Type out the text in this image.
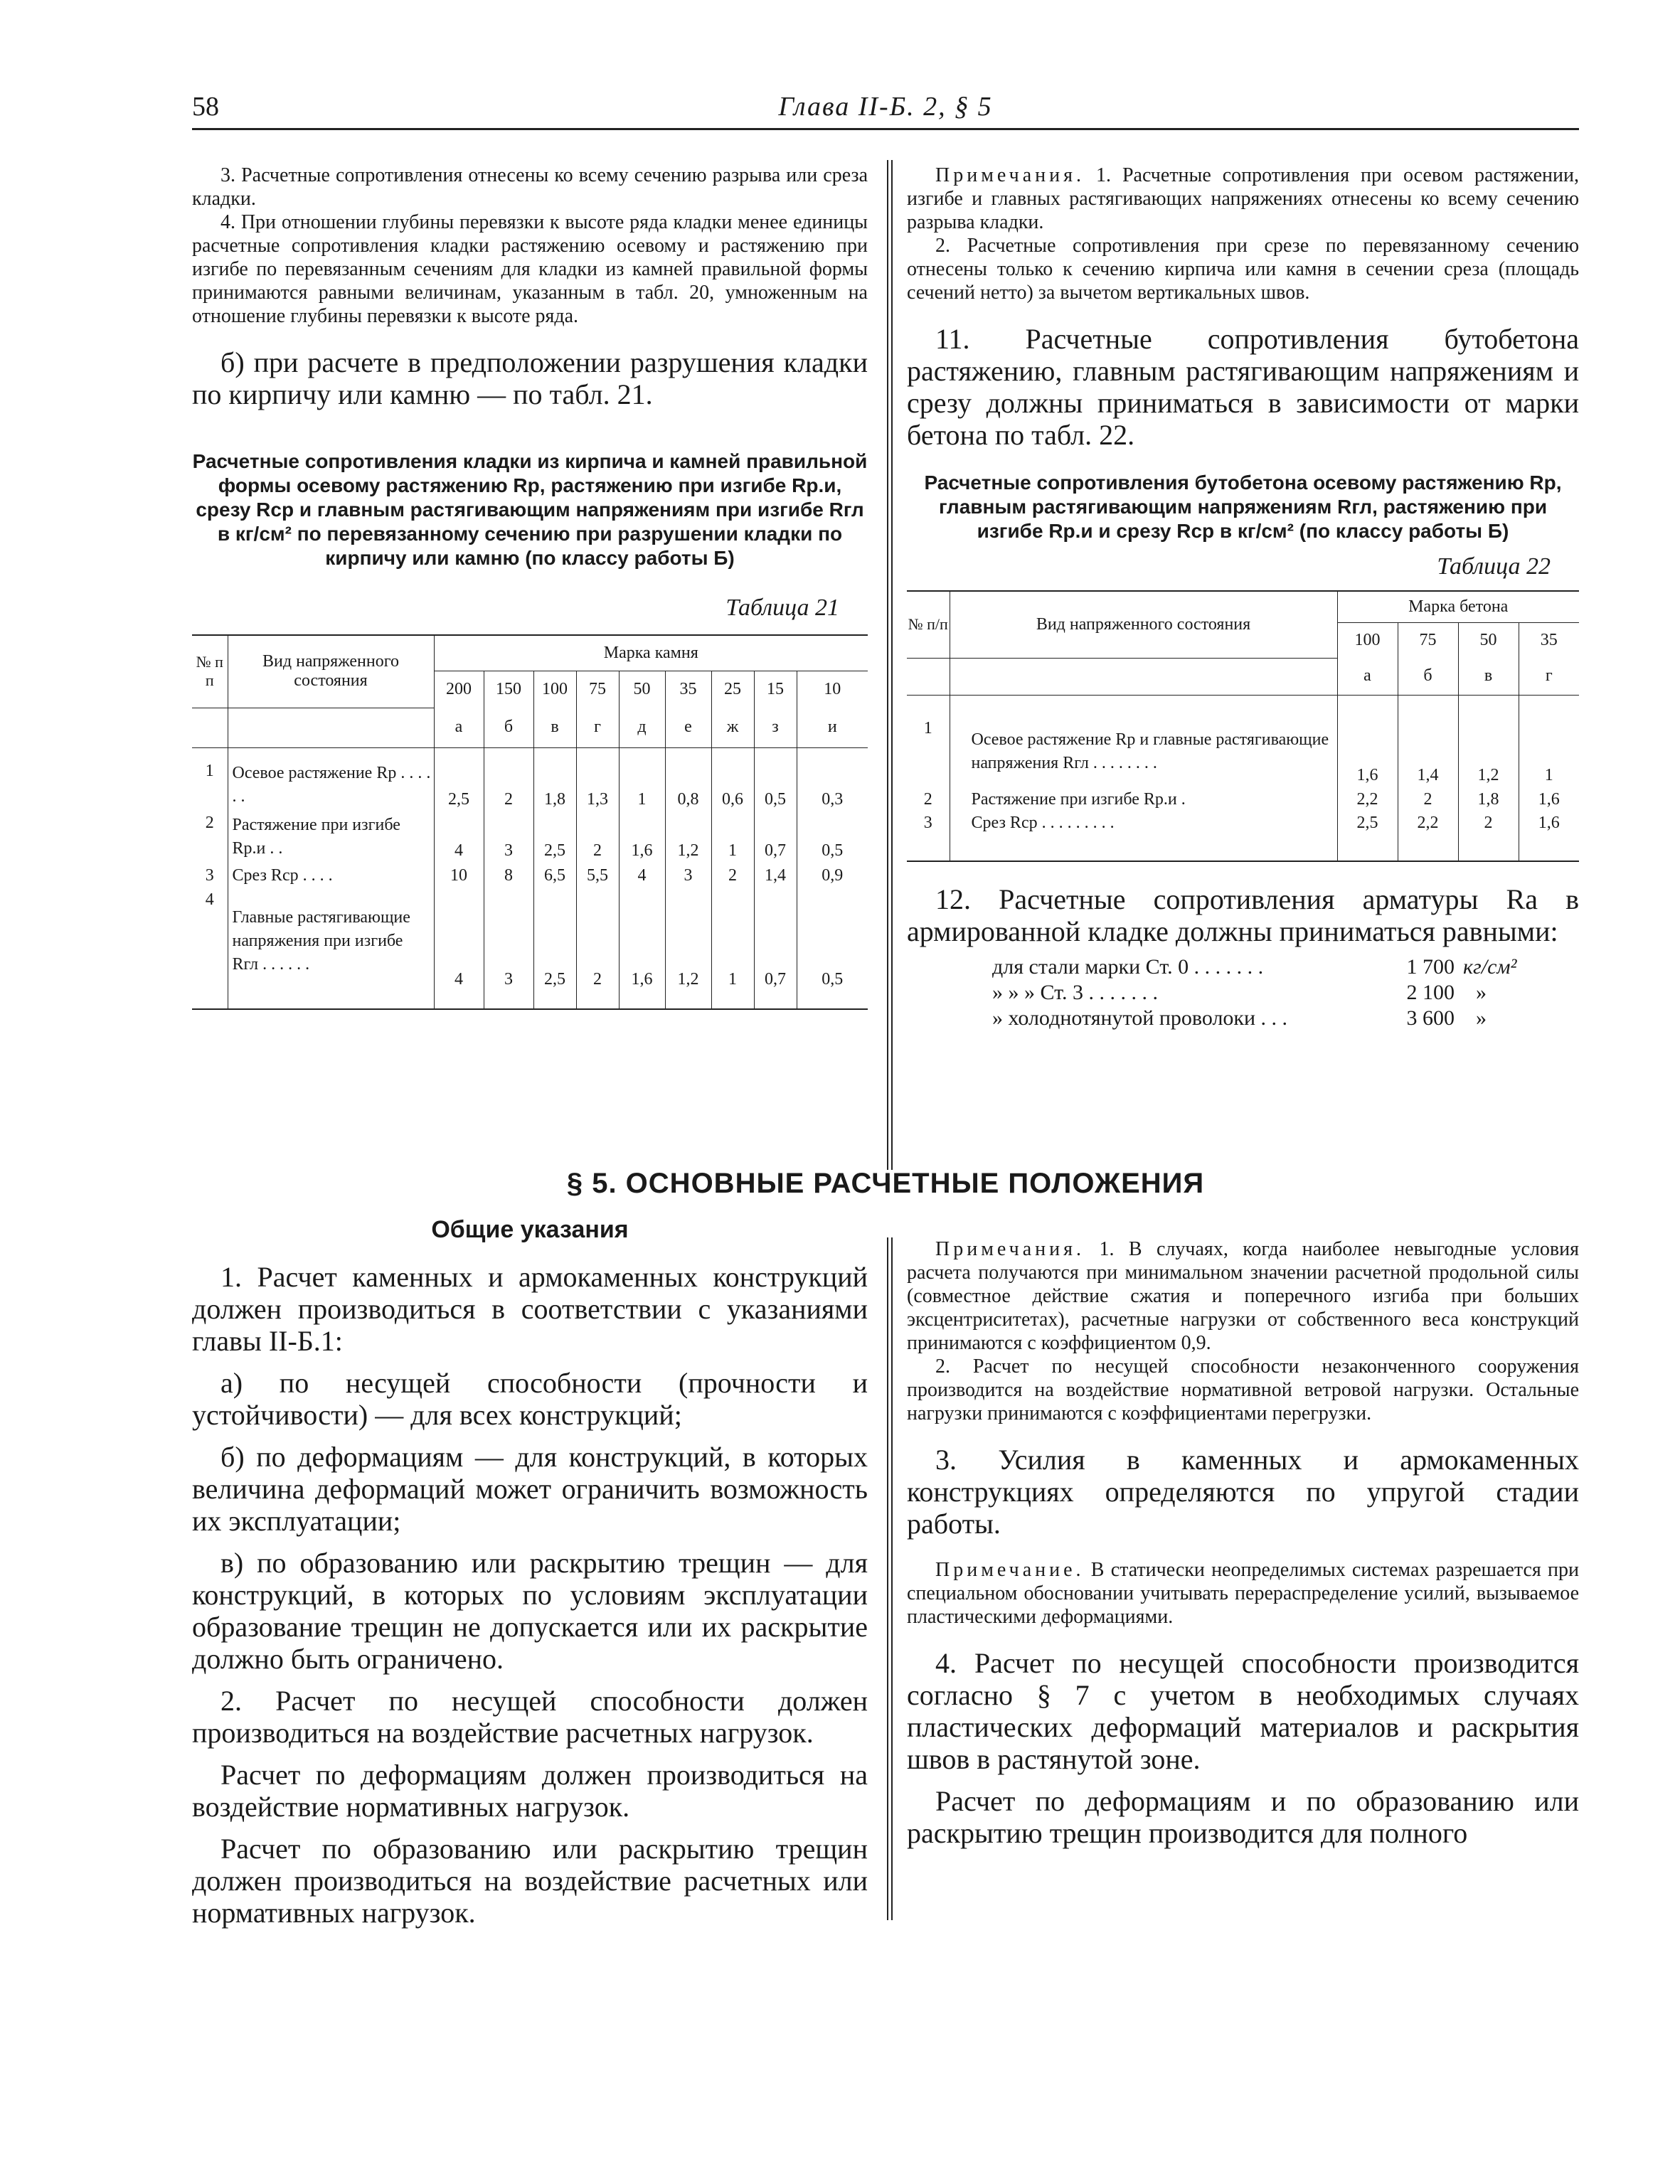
58	Глава II-Б. 2, § 5

3. Расчетные сопротивления отнесены ко всему сечению разрыва или среза кладки.

4. При отношении глубины перевязки к высоте ряда кладки менее единицы расчетные сопротивления кладки растяжению осевому и растяжению при изгибе по перевязанным сечениям для кладки из камней правильной формы принимаются равными величинам, указанным в табл. 20, умноженным на отношение глубины перевязки к высоте ряда.

б) при расчете в предположении разрушения кладки по кирпичу или камню — по табл. 21.

Расчетные сопротивления кладки из кирпича и камней правильной формы осевому растяжению Rр, растяжению при изгибе Rр.и, срезу Rср и главным растягивающим напряжениям при изгибе Rгл в кг/см² по перевязанному сечению при разрушении кладки по кирпичу или камню (по классу работы Б)

Таблица 21

№ п п	Вид напряженного состояния	Марка камня								
		200	150	100	75	50	35	25	15	10
		а	б	в	г	д	е	ж	з	и
1	Осевое растяжение Rр . . . . . .	2,5	2	1,8	1,3	1	0,8	0,6	0,5	0,3
2	Растяжение при изгибе Rр.и . .	4	3	2,5	2	1,6	1,2	1	0,7	0,5
3	Срез Rср . . . .	10	8	6,5	5,5	4	3	2	1,4	0,9
4	Главные растягивающие напряжения при изгибе Rгл . . . . . .	4	3	2,5	2	1,6	1,2	1	0,7	0,5

Примечания. 1. Расчетные сопротивления при осевом растяжении, изгибе и главных растягивающих напряжениях отнесены ко всему сечению разрыва кладки.

2. Расчетные сопротивления при срезе по перевязанному сечению отнесены только к сечению кирпича или камня в сечении среза (площадь сечений нетто) за вычетом вертикальных швов.

11. Расчетные сопротивления бутобетона растяжению, главным растягивающим напряжениям и срезу должны приниматься в зависимости от марки бетона по табл. 22.

Расчетные сопротивления бутобетона осевому растяжению Rр, главным растягивающим напряжениям Rгл, растяжению при изгибе Rр.и и срезу Rср в кг/см² (по классу работы Б)

Таблица 22

№ п/п	Вид напряженного состояния	Марка бетона			
		100	75	50	35
		а	б	в	г
1	Осевое растяжение Rр и главные растягивающие напряжения Rгл . . . . . . . .	1,6	1,4	1,2	1
2	Растяжение при изгибе Rр.и .	2,2	2	1,8	1,6
3	Срез Rср . . . . . . . . .	2,5	2,2	2	1,6

12. Расчетные сопротивления арматуры Rа в армированной кладке должны приниматься равными:

для стали марки Ст. 0 . . . . . . .	1 700 кг/см²
» » » Ст. 3 . . . . . . .	2 100 »
» холоднотянутой проволоки . . .	3 600 »
§ 5. ОСНОВНЫЕ РАСЧЕТНЫЕ ПОЛОЖЕНИЯ

Общие указания

1. Расчет каменных и армокаменных конструкций должен производиться в соответствии с указаниями главы II-Б.1:

а) по несущей способности (прочности и устойчивости) — для всех конструкций;

б) по деформациям — для конструкций, в которых величина деформаций может ограничить возможность их эксплуатации;

в) по образованию или раскрытию трещин — для конструкций, в которых по условиям эксплуатации образование трещин не допускается или их раскрытие должно быть ограничено.

2. Расчет по несущей способности должен производиться на воздействие расчетных нагрузок.

Расчет по деформациям должен производиться на воздействие нормативных нагрузок.

Расчет по образованию или раскрытию трещин должен производиться на воздействие расчетных или нормативных нагрузок.

Примечания. 1. В случаях, когда наиболее невыгодные условия расчета получаются при минимальном значении расчетной продольной силы (совместное действие сжатия и поперечного изгиба при больших эксцентриситетах), расчетные нагрузки от собственного веса конструкций принимаются с коэффициентом 0,9.

2. Расчет по несущей способности незаконченного сооружения производится на воздействие нормативной ветровой нагрузки. Остальные нагрузки принимаются с коэффициентами перегрузки.

3. Усилия в каменных и армокаменных конструкциях определяются по упругой стадии работы.

Примечание. В статически неопределимых системах разрешается при специальном обосновании учитывать перераспределение усилий, вызываемое пластическими деформациями.

4. Расчет по несущей способности производится согласно § 7 с учетом в необходимых случаях пластических деформаций материалов и раскрытия швов в растянутой зоне.

Расчет по деформациям и по образованию или раскрытию трещин производится для полного
